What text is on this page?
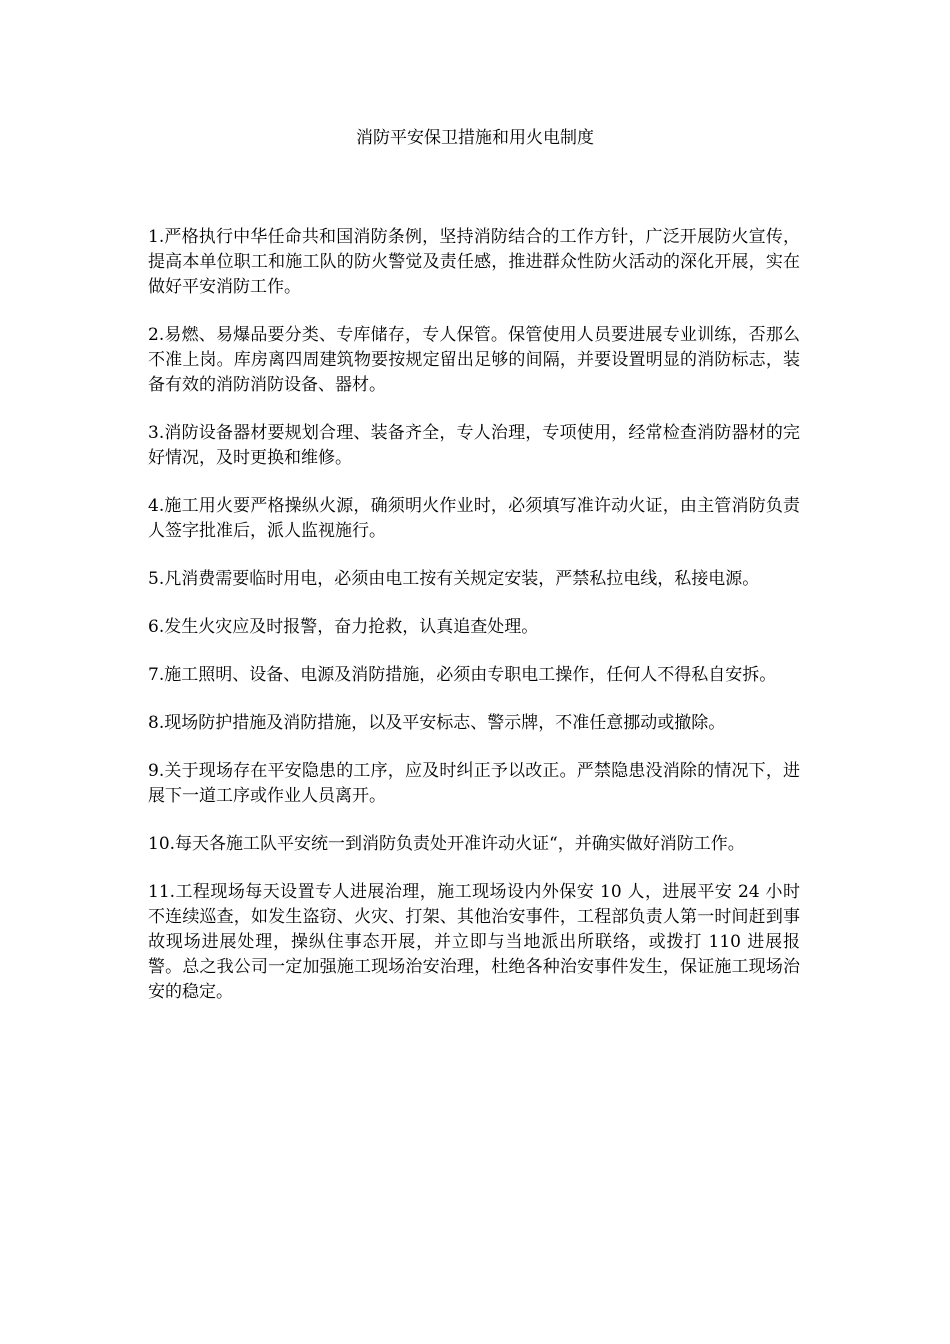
消防平安保卫措施和用火电制度

1.严格执行中华任命共和国消防条例，坚持消防结合的工作方针，广泛开展防火宣传，提高本单位职工和施工队的防火警觉及责任感，推进群众性防火活动的深化开展，实在做好平安消防工作。

2.易燃、易爆品要分类、专库储存，专人保管。保管使用人员要进展专业训练，否那么不准上岗。库房离四周建筑物要按规定留出足够的间隔，并要设置明显的消防标志，装备有效的消防消防设备、器材。

3.消防设备器材要规划合理、装备齐全，专人治理，专项使用，经常检查消防器材的完好情况，及时更换和维修。

4.施工用火要严格操纵火源，确须明火作业时，必须填写准许动火证，由主管消防负责人签字批准后，派人监视施行。

5.凡消费需要临时用电，必须由电工按有关规定安装，严禁私拉电线，私接电源。

6.发生火灾应及时报警，奋力抢救，认真追查处理。

7.施工照明、设备、电源及消防措施，必须由专职电工操作，任何人不得私自安拆。

8.现场防护措施及消防措施，以及平安标志、警示牌，不准任意挪动或撤除。

9.关于现场存在平安隐患的工序，应及时纠正予以改正。严禁隐患没消除的情况下，进展下一道工序或作业人员离开。

10.每天各施工队平安统一到消防负责处开准许动火证“，并确实做好消防工作。

11.工程现场每天设置专人进展治理，施工现场设内外保安 10 人，进展平安 24 小时不连续巡查，如发生盗窃、火灾、打架、其他治安事件，工程部负责人第一时间赶到事故现场进展处理，操纵住事态开展，并立即与当地派出所联络，或拨打 110 进展报警。总之我公司一定加强施工现场治安治理，杜绝各种治安事件发生，保证施工现场治安的稳定。
